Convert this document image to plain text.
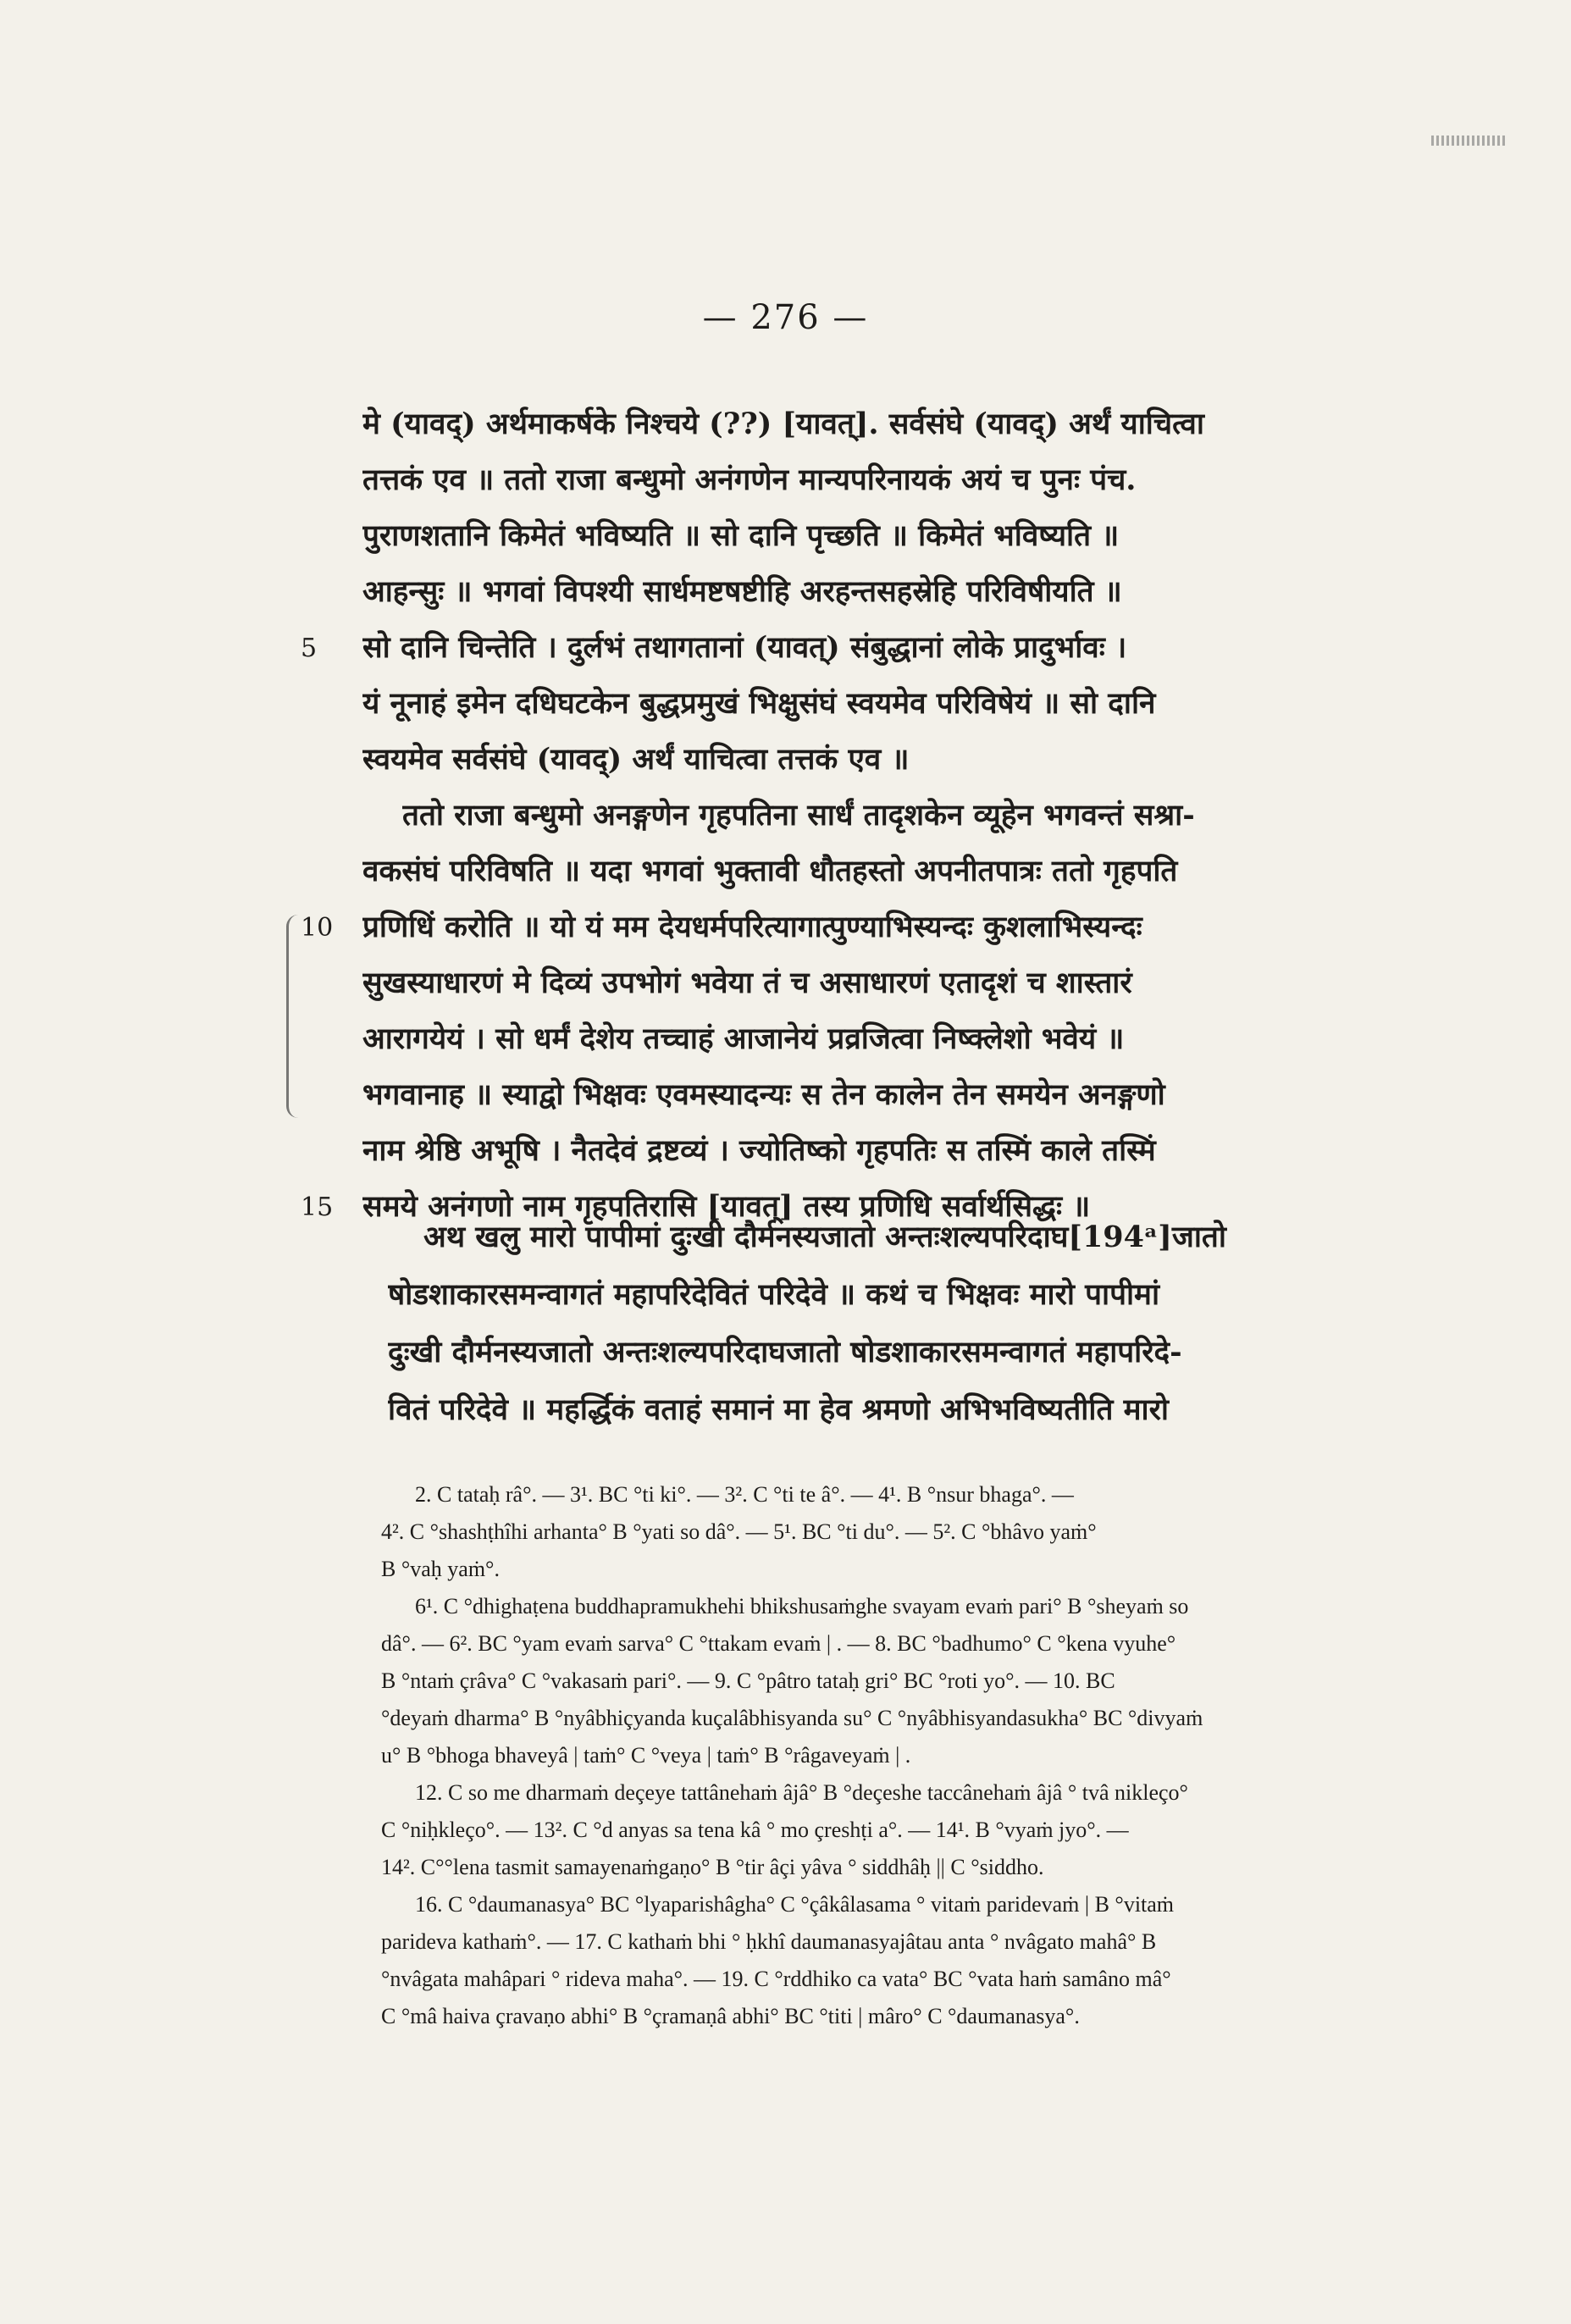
— 276 —
मे (यावद्) अर्थमाकर्षके निश्चये (??) [यावत्]. सर्वसंघे (यावद्) अर्थं याचित्वा
तत्तकं एव ॥ ततो राजा बन्धुमो अनंगणेन मान्यपरिनायकं अयं च पुनः पंच.
पुराणशतानि किमेतं भविष्यति ॥ सो दानि पृच्छति ॥ किमेतं भविष्यति ॥
आहन्सुः ॥ भगवां विपश्यी सार्धमष्टषष्टीहि अरहन्तसहस्रेहि परिविषीयति ॥
सो दानि चिन्तेति । दुर्लभं तथागतानां (यावत्) संबुद्धानां लोके प्रादुर्भावः ।
5
यं नूनाहं इमेन दधिघटकेन बुद्धप्रमुखं भिक्षुसंघं स्वयमेव परिविषेयं ॥ सो दानि
स्वयमेव सर्वसंघे (यावद्) अर्थं याचित्वा तत्तकं एव ॥
ततो राजा बन्धुमो अनङ्गणेन गृहपतिना सार्धं तादृशकेन व्यूहेन भगवन्तं सश्रा-
वकसंघं परिविषति ॥ यदा भगवां भुक्तावी धौतहस्तो अपनीतपात्रः ततो गृहपति
प्रणिधिं करोति ॥ यो यं मम देयधर्मपरित्यागात्पुण्याभिस्यन्दः कुशलाभिस्यन्दः
10
सुखस्याधारणं मे दिव्यं उपभोगं भवेया तं च असाधारणं एतादृशं च शास्तारं
आरागयेयं । सो धर्मं देशेय तच्चाहं आजानेयं प्रव्रजित्वा निष्क्लेशो भवेयं ॥
भगवानाह ॥ स्याद्वो भिक्षवः एवमस्यादन्यः स तेन कालेन तेन समयेन अनङ्गणो
नाम श्रेष्ठि अभूषि । नैतदेवं द्रष्टव्यं । ज्योतिष्को गृहपतिः स तस्मिं काले तस्मिं
समये अनंगणो नाम गृहपतिरासि [यावत्] तस्य प्रणिधि सर्वार्थसिद्धः ॥
15
अथ खलु मारो पापीमां दुःखी दौर्मनस्यजातो अन्तःशल्यपरिदाघ[194ᵃ]जातो
षोडशाकारसमन्वागतं महापरिदेवितं परिदेवे ॥ कथं च भिक्षवः मारो पापीमां
दुःखी दौर्मनस्यजातो अन्तःशल्यपरिदाघजातो षोडशाकारसमन्वागतं महापरिदे-
वितं परिदेवे ॥ महर्द्धिकं वताहं समानं मा हेव श्रमणो अभिभविष्यतीति मारो
2. C tataḥ râ°. — 3¹. BC °ti ki°. — 3². C °ti te â°. — 4¹. B °nsur bhaga°. —
4². C °shashṭhîhi arhanta° B °yati so dâ°. — 5¹. BC °ti du°. — 5². C °bhâvo yaṁ°
B °vaḥ yaṁ°.
6¹. C °dhighaṭena buddhapramukhehi bhikshusaṁghe svayam evaṁ pari° B °sheyaṁ so
dâ°. — 6². BC °yam evaṁ sarva° C °ttakam evaṁ | . — 8. BC °badhumo° C °kena vyuhe°
B °ntaṁ çrâva° C °vakasaṁ pari°. — 9. C °pâtro tataḥ gri° BC °roti yo°. — 10. BC
°deyaṁ dharma° B °nyâbhiçyanda kuçalâbhisyanda su° C °nyâbhisyandasukha° BC °divyaṁ
u° B °bhoga bhaveyâ | taṁ° C °veya | taṁ° B °râgaveyaṁ | .
12. C so me dharmaṁ deçeye tattânehaṁ âjâ° B °deçeshe taccânehaṁ âjâ ° tvâ nikleço°
C °niḥkleço°. — 13². C °d anyas sa tena kâ ° mo çreshṭi a°. — 14¹. B °vyaṁ jyo°. —
14². C°°lena tasmit samayenaṁgaṇo° B °tir âçi yâva ° siddhâḥ || C °siddho.
16. C °daumanasya° BC °lyaparishâgha° C °çâkâlasama ° vitaṁ paridevaṁ | B °vitaṁ
parideva kathaṁ°. — 17. C kathaṁ bhi ° ḥkhî daumanasyajâtau anta ° nvâgato mahâ° B
°nvâgata mahâpari ° rideva maha°. — 19. C °rddhiko ca vata° BC °vata haṁ samâno mâ°
C °mâ haiva çravaṇo abhi° B °çramaṇâ abhi° BC °titi | mâro° C °daumanasya°.
